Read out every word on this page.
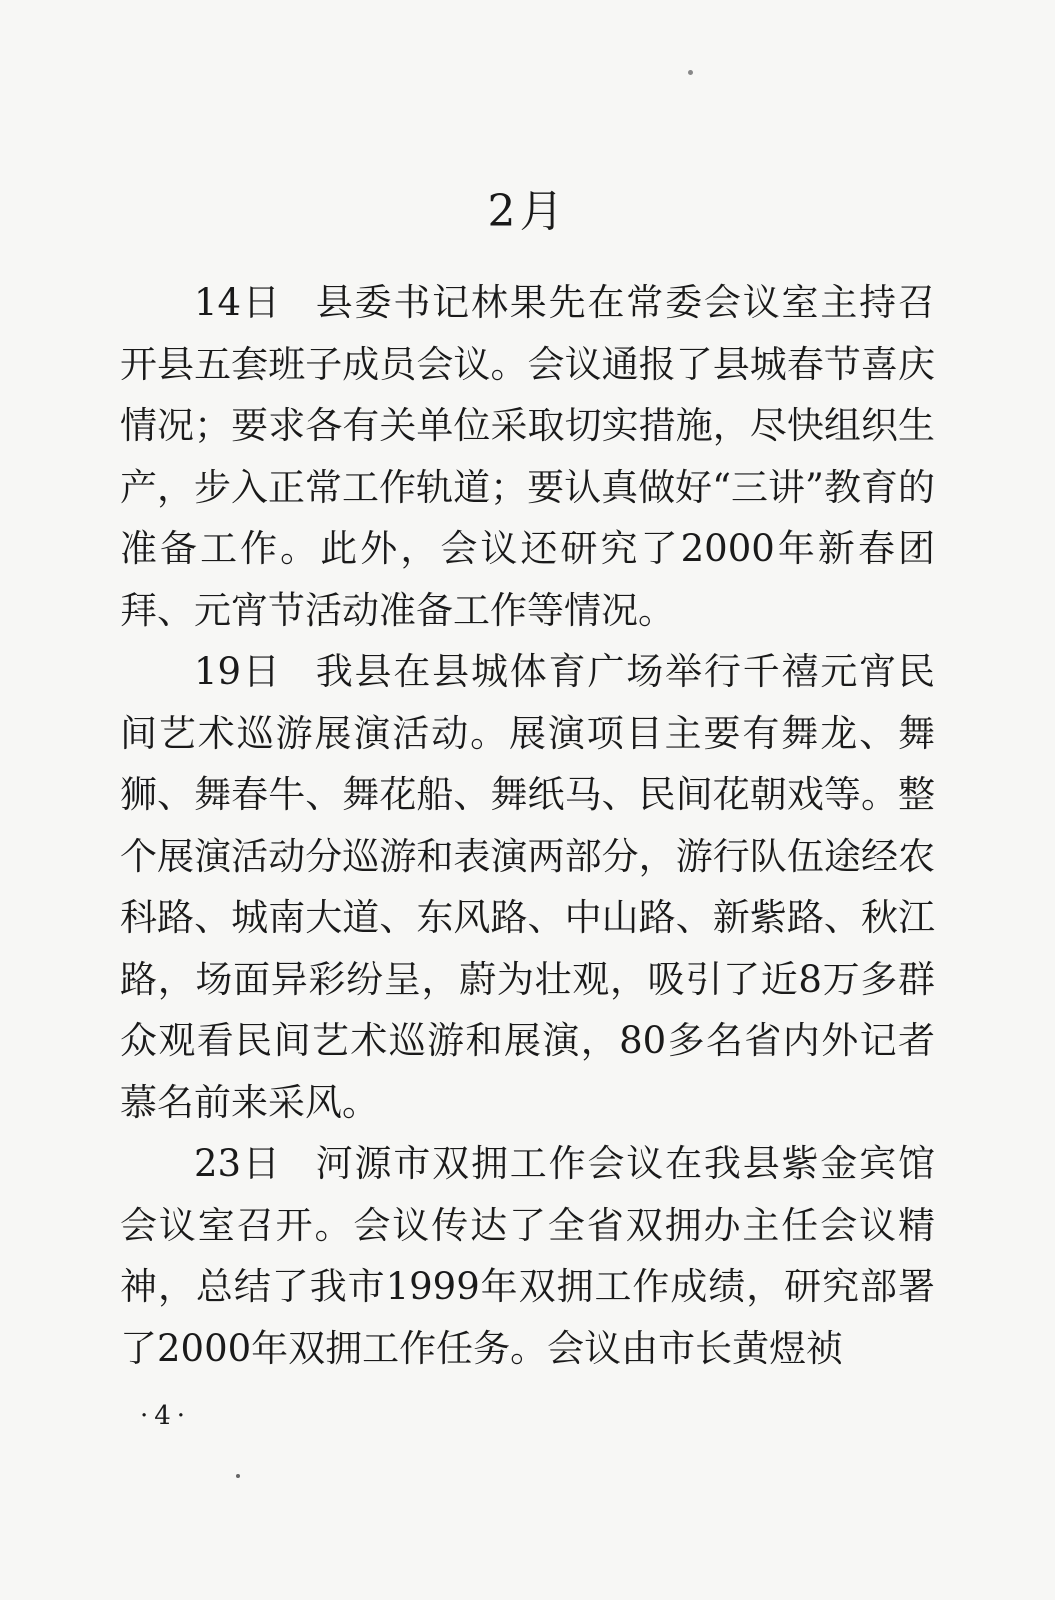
2月

14日 县委书记林果先在常委会议室主持召开县五套班子成员会议。会议通报了县城春节喜庆情况；要求各有关单位采取切实措施，尽快组织生产，步入正常工作轨道；要认真做好“三讲”教育的准备工作。此外，会议还研究了2000年新春团拜、元宵节活动准备工作等情况。

19日 我县在县城体育广场举行千禧元宵民间艺术巡游展演活动。展演项目主要有舞龙、舞狮、舞春牛、舞花船、舞纸马、民间花朝戏等。整个展演活动分巡游和表演两部分，游行队伍途经农科路、城南大道、东风路、中山路、新紫路、秋江路，场面异彩纷呈，蔚为壮观，吸引了近8万多群众观看民间艺术巡游和展演，80多名省内外记者慕名前来采风。

23日 河源市双拥工作会议在我县紫金宾馆会议室召开。会议传达了全省双拥办主任会议精神，总结了我市1999年双拥工作成绩，研究部署了2000年双拥工作任务。会议由市长黄煜祯

·4·
